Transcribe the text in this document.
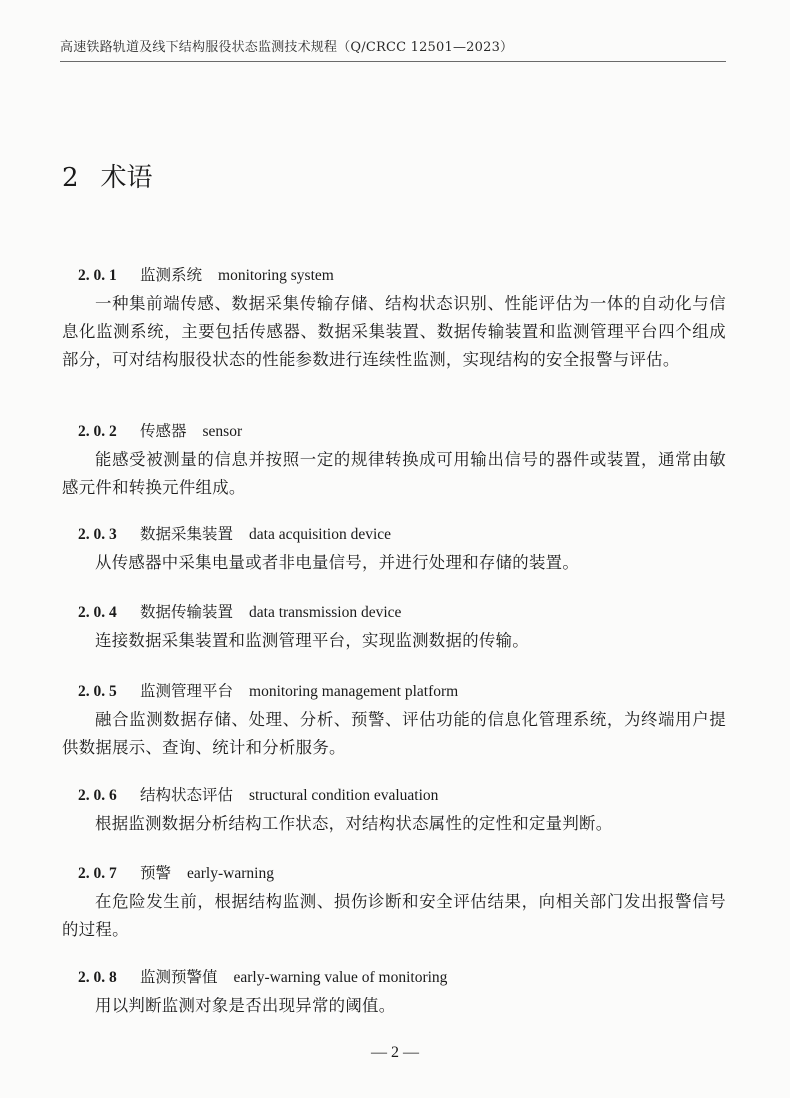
高速铁路轨道及线下结构服役状态监测技术规程（Q/CRCC 12501—2023）
2 术语
2. 0. 1 监测系统 monitoring system

一种集前端传感、数据采集传输存储、结构状态识别、性能评估为一体的自动化与信息化监测系统，主要包括传感器、数据采集装置、数据传输装置和监测管理平台四个组成部分，可对结构服役状态的性能参数进行连续性监测，实现结构的安全报警与评估。

2. 0. 2 传感器 sensor

能感受被测量的信息并按照一定的规律转换成可用输出信号的器件或装置，通常由敏感元件和转换元件组成。

2. 0. 3 数据采集装置 data acquisition device

从传感器中采集电量或者非电量信号，并进行处理和存储的装置。

2. 0. 4 数据传输装置 data transmission device

连接数据采集装置和监测管理平台，实现监测数据的传输。

2. 0. 5 监测管理平台 monitoring management platform

融合监测数据存储、处理、分析、预警、评估功能的信息化管理系统，为终端用户提供数据展示、查询、统计和分析服务。

2. 0. 6 结构状态评估 structural condition evaluation

根据监测数据分析结构工作状态，对结构状态属性的定性和定量判断。

2. 0. 7 预警 early-warning

在危险发生前，根据结构监测、损伤诊断和安全评估结果，向相关部门发出报警信号的过程。

2. 0. 8 监测预警值 early-warning value of monitoring

用以判断监测对象是否出现异常的阈值。

— 2 —
